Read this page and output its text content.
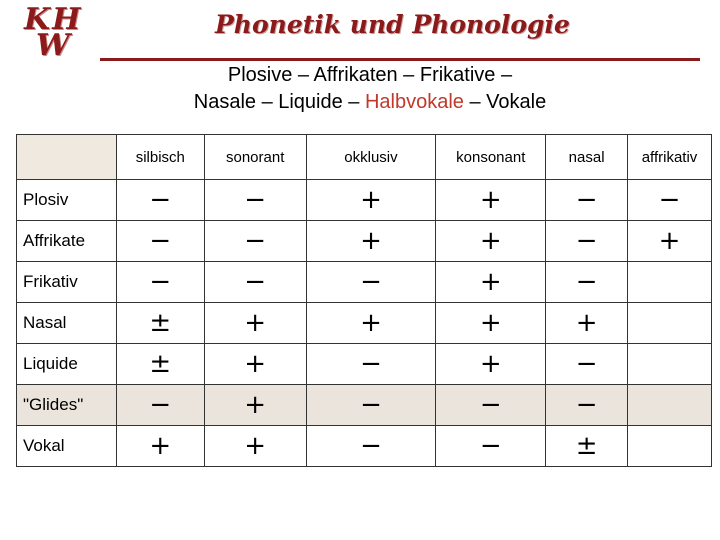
KH
W
Phonetik und Phonologie
Plosive – Affrikaten – Frikative –
Nasale – Liquide – Halbvokale – Vokale
	silbisch	sonorant	okklusiv	konsonant	nasal	affrikativ
Plosiv	−	−	+	+	−	−
Affrikate	−	−	+	+	−	+
Frikativ	−	−	−	+	−	
Nasal	±	+	+	+	+	
Liquide	±	+	−	+	−	
"Glides"	−	+	−	−	−	
Vokal	+	+	−	−	±	
